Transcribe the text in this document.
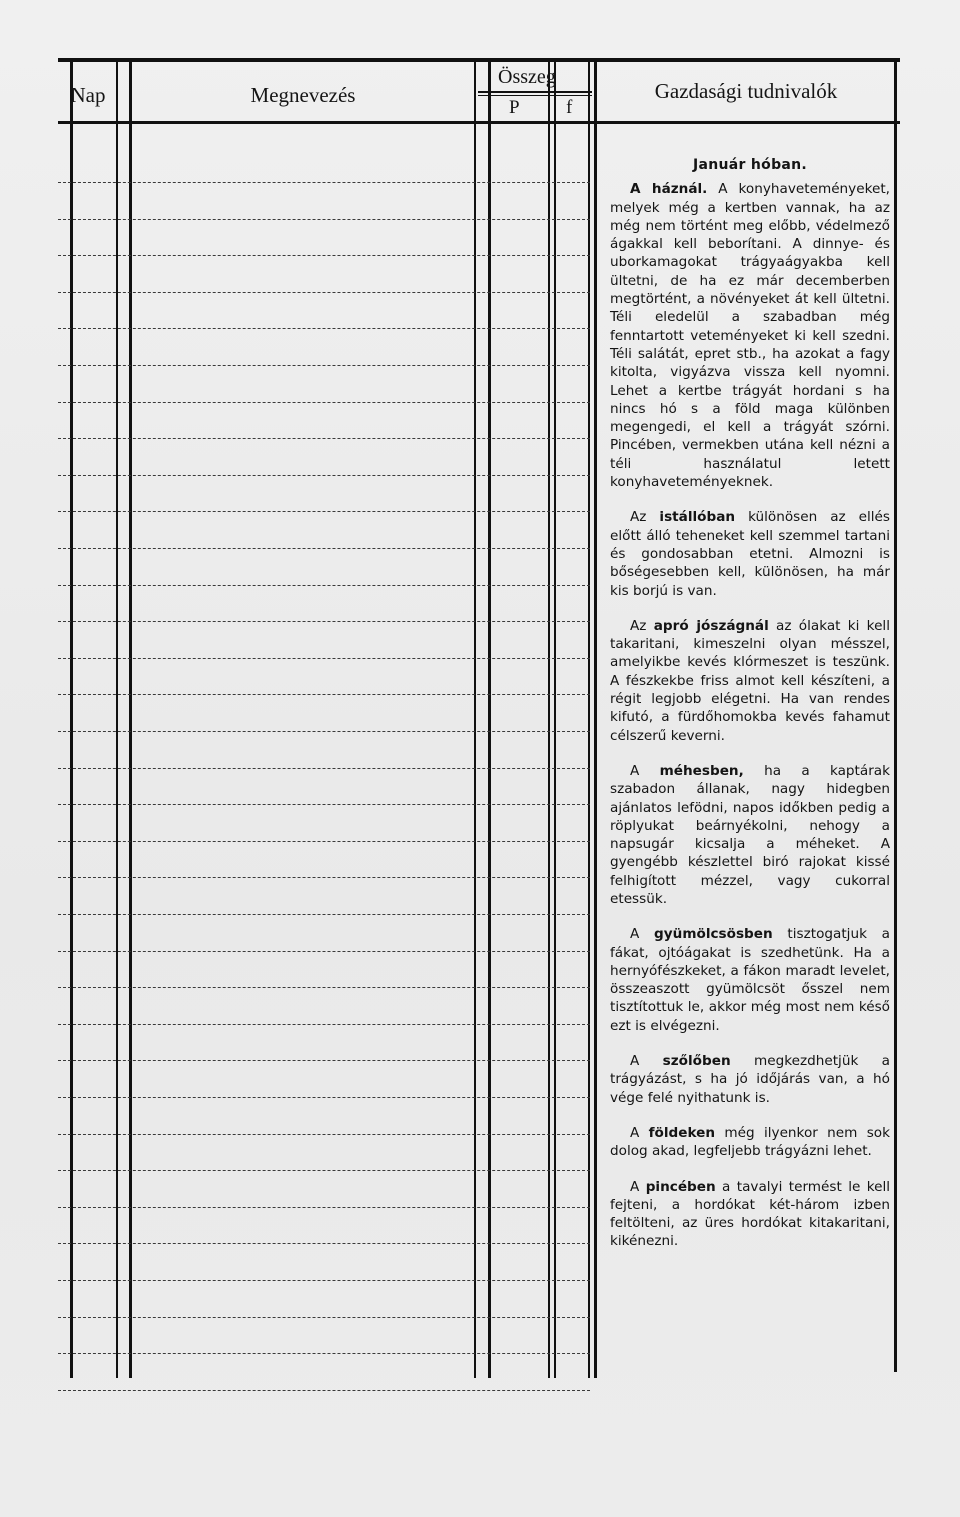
Nap	Megnevezés
Összeg
P f
Gazdasági tudnivalók

Január hóban.

A háznál. A konyhaveteményeket, melyek még a kertben vannak, ha az még nem történt meg előbb, védelmező ágakkal kell beborítani. A dinnye- és uborkamagokat trágyaágyakba kell ültetni, de ha ez már decemberben megtörtént, a növényeket át kell ültetni. Téli eledelül a szabadban még fenntartott veteményeket ki kell szedni. Téli salátát, epret stb., ha azokat a fagy kitolta, vigyázva vissza kell nyomni. Lehet a kertbe trágyát hordani s ha nincs hó s a föld maga különben megengedi, el kell a trágyát szórni. Pincében, vermekben utána kell nézni a téli használatul letett konyhaveteményeknek.

Az istállóban különösen az ellés előtt álló teheneket kell szemmel tartani és gondosabban etetni. Almozni is bőségesebben kell, különösen, ha már kis borjú is van.

Az apró jószágnál az ólakat ki kell takaritani, kimeszelni olyan mésszel, amelyikbe kevés klórmeszet is teszünk. A fészkekbe friss almot kell készíteni, a régit legjobb elégetni. Ha van rendes kifutó, a fürdőhomokba kevés fahamut célszerű keverni.

A méhesben, ha a kaptárak szabadon állanak, nagy hidegben ajánlatos lefödni, napos időkben pedig a röplyukat beárnyékolni, nehogy a napsugár kicsalja a méheket. A gyengébb készlettel biró rajokat kissé felhigított mézzel, vagy cukorral etessük.

A gyümölcsösben tisztogatjuk a fákat, ojtóágakat is szedhetünk. Ha a hernyófészkeket, a fákon maradt levelet, összeaszott gyümölcsöt ősszel nem tisztítottuk le, akkor még most nem késő ezt is elvégezni.

A szőlőben megkezdhetjük a trágyázást, s ha jó időjárás van, a hó vége felé nyithatunk is.

A földeken még ilyenkor nem sok dolog akad, legfeljebb trágyázni lehet.

A pincében a tavalyi termést le kell fejteni, a hordókat két-három izben feltölteni, az üres hordókat kitakaritani, kikénezni.
